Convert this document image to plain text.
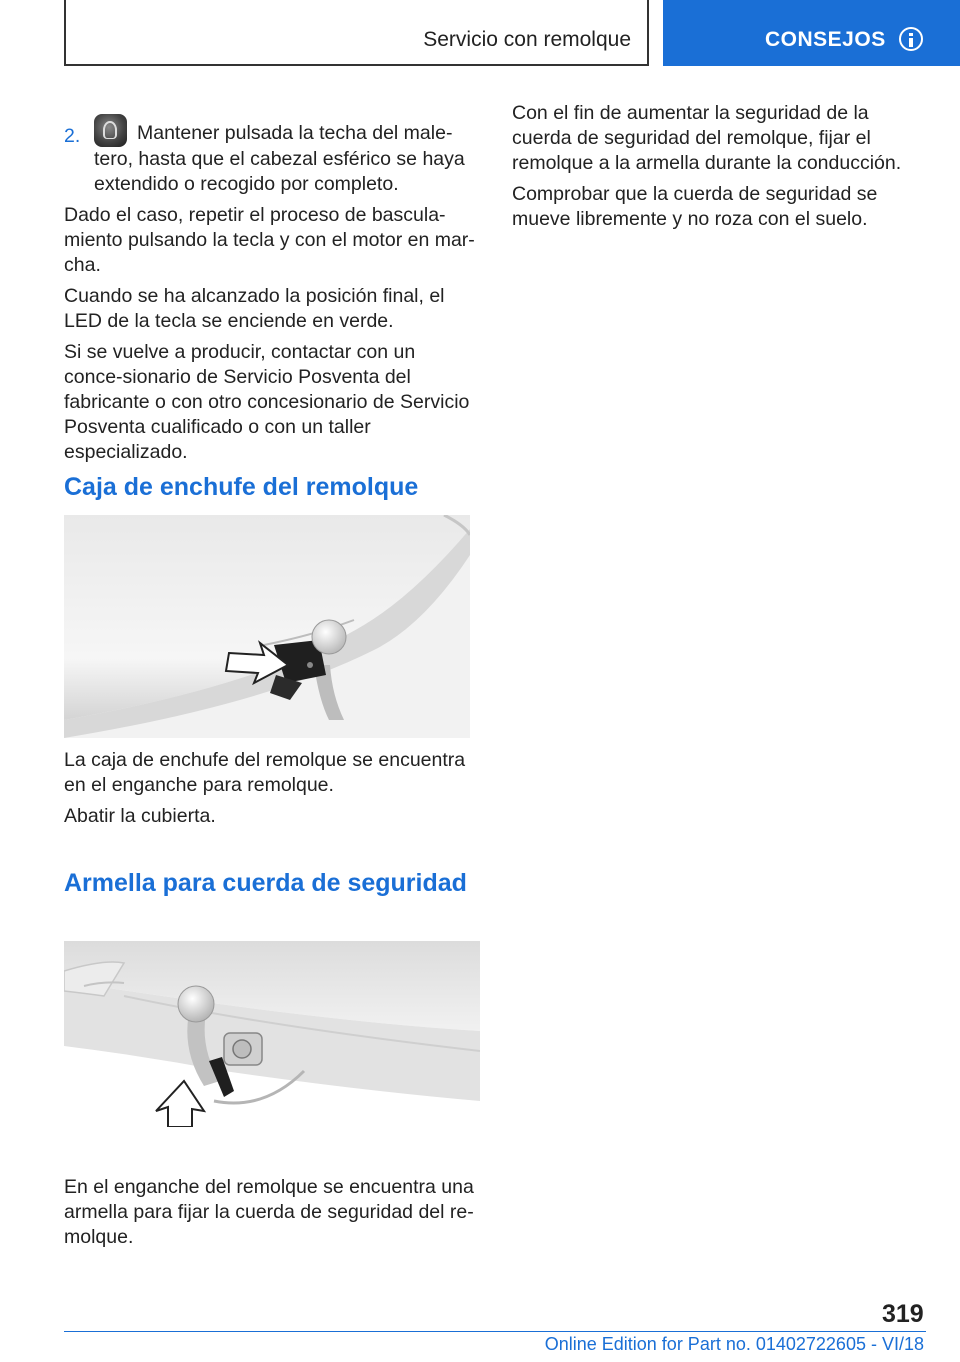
Servicio con remolque	CONSEJOS
2.	Mantener pulsada la techa del male- tero, hasta que el cabezal esférico se haya extendido o recogido por completo.

Dado el caso, repetir el proceso de bascula-miento pulsando la tecla y con el motor en mar-cha.

Cuando se ha alcanzado la posición final, el LED de la tecla se enciende en verde.

Si se vuelve a producir, contactar con un conce-sionario de Servicio Posventa del fabricante o con otro concesionario de Servicio Posventa cualificado o con un taller especializado.

Caja de enchufe del remolque

La caja de enchufe del remolque se encuentra en el enganche para remolque.

Abatir la cubierta.

Armella para cuerda de seguridad

En el enganche del remolque se encuentra una armella para fijar la cuerda de seguridad del re-molque.

Con el fin de aumentar la seguridad de la cuerda de seguridad del remolque, fijar el remolque a la armella durante la conducción.

Comprobar que la cuerda de seguridad se mueve libremente y no roza con el suelo.

319
Online Edition for Part no. 01402722605 - VI/18
